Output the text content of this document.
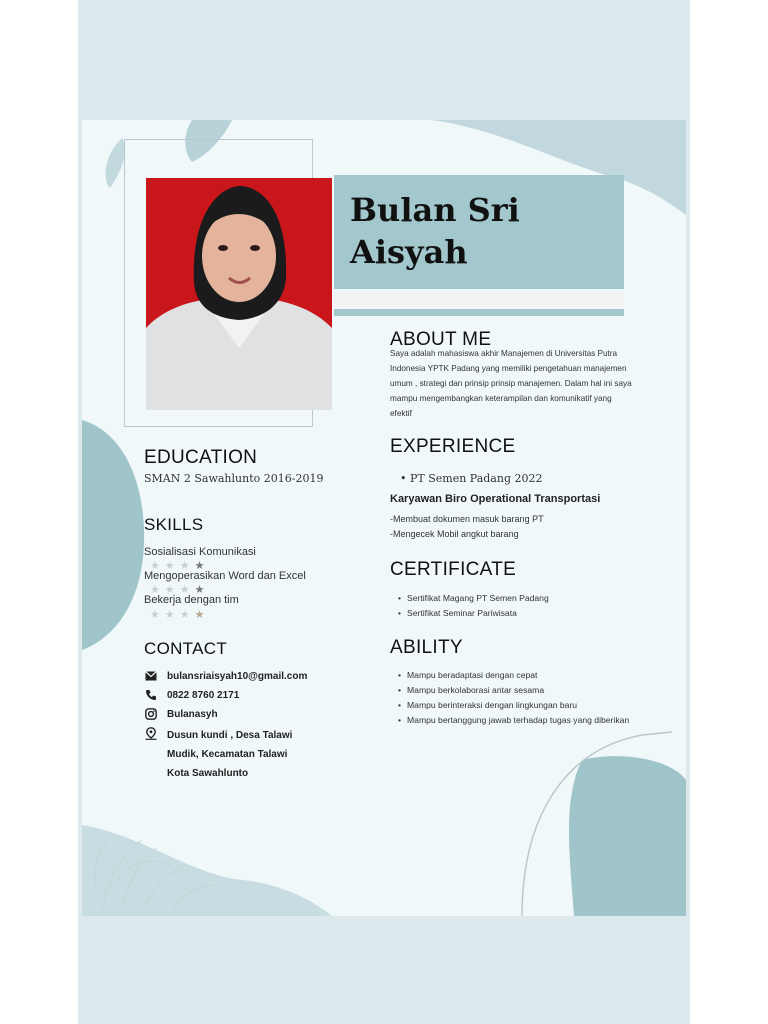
Bulan Sri
Aisyah

ABOUT ME

Saya adalah mahasiswa akhir Manajemen di Universitas Putra
Indonesia YPTK Padang yang memiliki pengetahuan manajemen
umum , strategi dan prinsip prinsip manajemen. Dalam hal ini saya
mampu mengembangkan keterampilan dan komunikatif yang
efektif

EDUCATION

SMAN 2 Sawahlunto 2016-2019

SKILLS

Sosialisasi Komunikasi

★★★★

Mengoperasikan Word dan Excel

★★★★

Bekerja dengan tim

★★★★

CONTACT

bulansriaisyah10@gmail.com
0822 8760 2171
Bulanasyh
Dusun kundi , Desa Talawi
Mudik, Kecamatan Talawi
Kota Sawahlunto

EXPERIENCE

• PT Semen Padang 2022

Karyawan Biro Operational Transportasi

-Membuat dokumen masuk barang PT

-Mengecek Mobil angkut barang

CERTIFICATE

• Sertifikat Magang PT Semen Padang
• Sertifikat Seminar Pariwisata

ABILITY

• Mampu beradaptasi dengan cepat
• Mampu berkolaborasi antar sesama
• Mampu berinteraksi dengan lingkungan baru
• Mampu bertanggung jawab terhadap tugas yang diberikan
